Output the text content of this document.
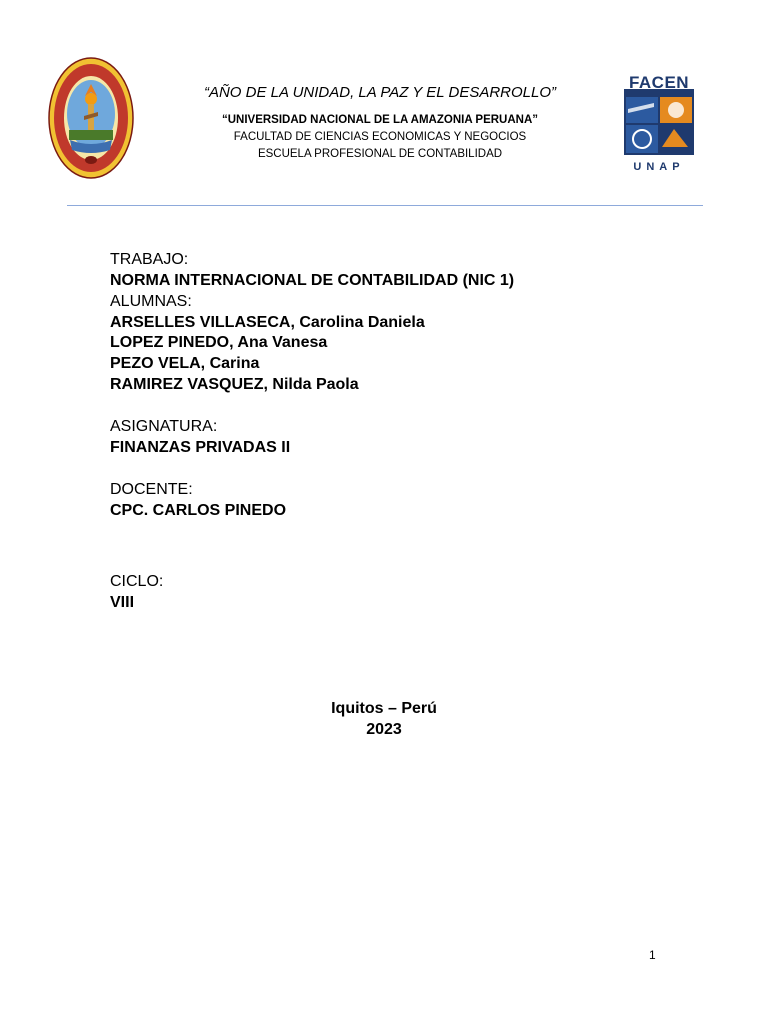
“AÑO DE LA UNIDAD, LA PAZ Y EL DESARROLLO”
“UNIVERSIDAD NACIONAL DE LA AMAZONIA PERUANA”
FACULTAD DE CIENCIAS ECONOMICAS Y NEGOCIOS
ESCUELA PROFESIONAL DE CONTABILIDAD
FACEN
UNAP
TRABAJO:
NORMA INTERNACIONAL DE CONTABILIDAD (NIC 1)
ALUMNAS:
ARSELLES VILLASECA, Carolina Daniela
LOPEZ PINEDO, Ana Vanesa
PEZO VELA, Carina
RAMIREZ VASQUEZ, Nilda Paola
ASIGNATURA:
FINANZAS PRIVADAS II
DOCENTE:
CPC. CARLOS PINEDO
CICLO:
VIII
Iquitos – Perú
2023
1
